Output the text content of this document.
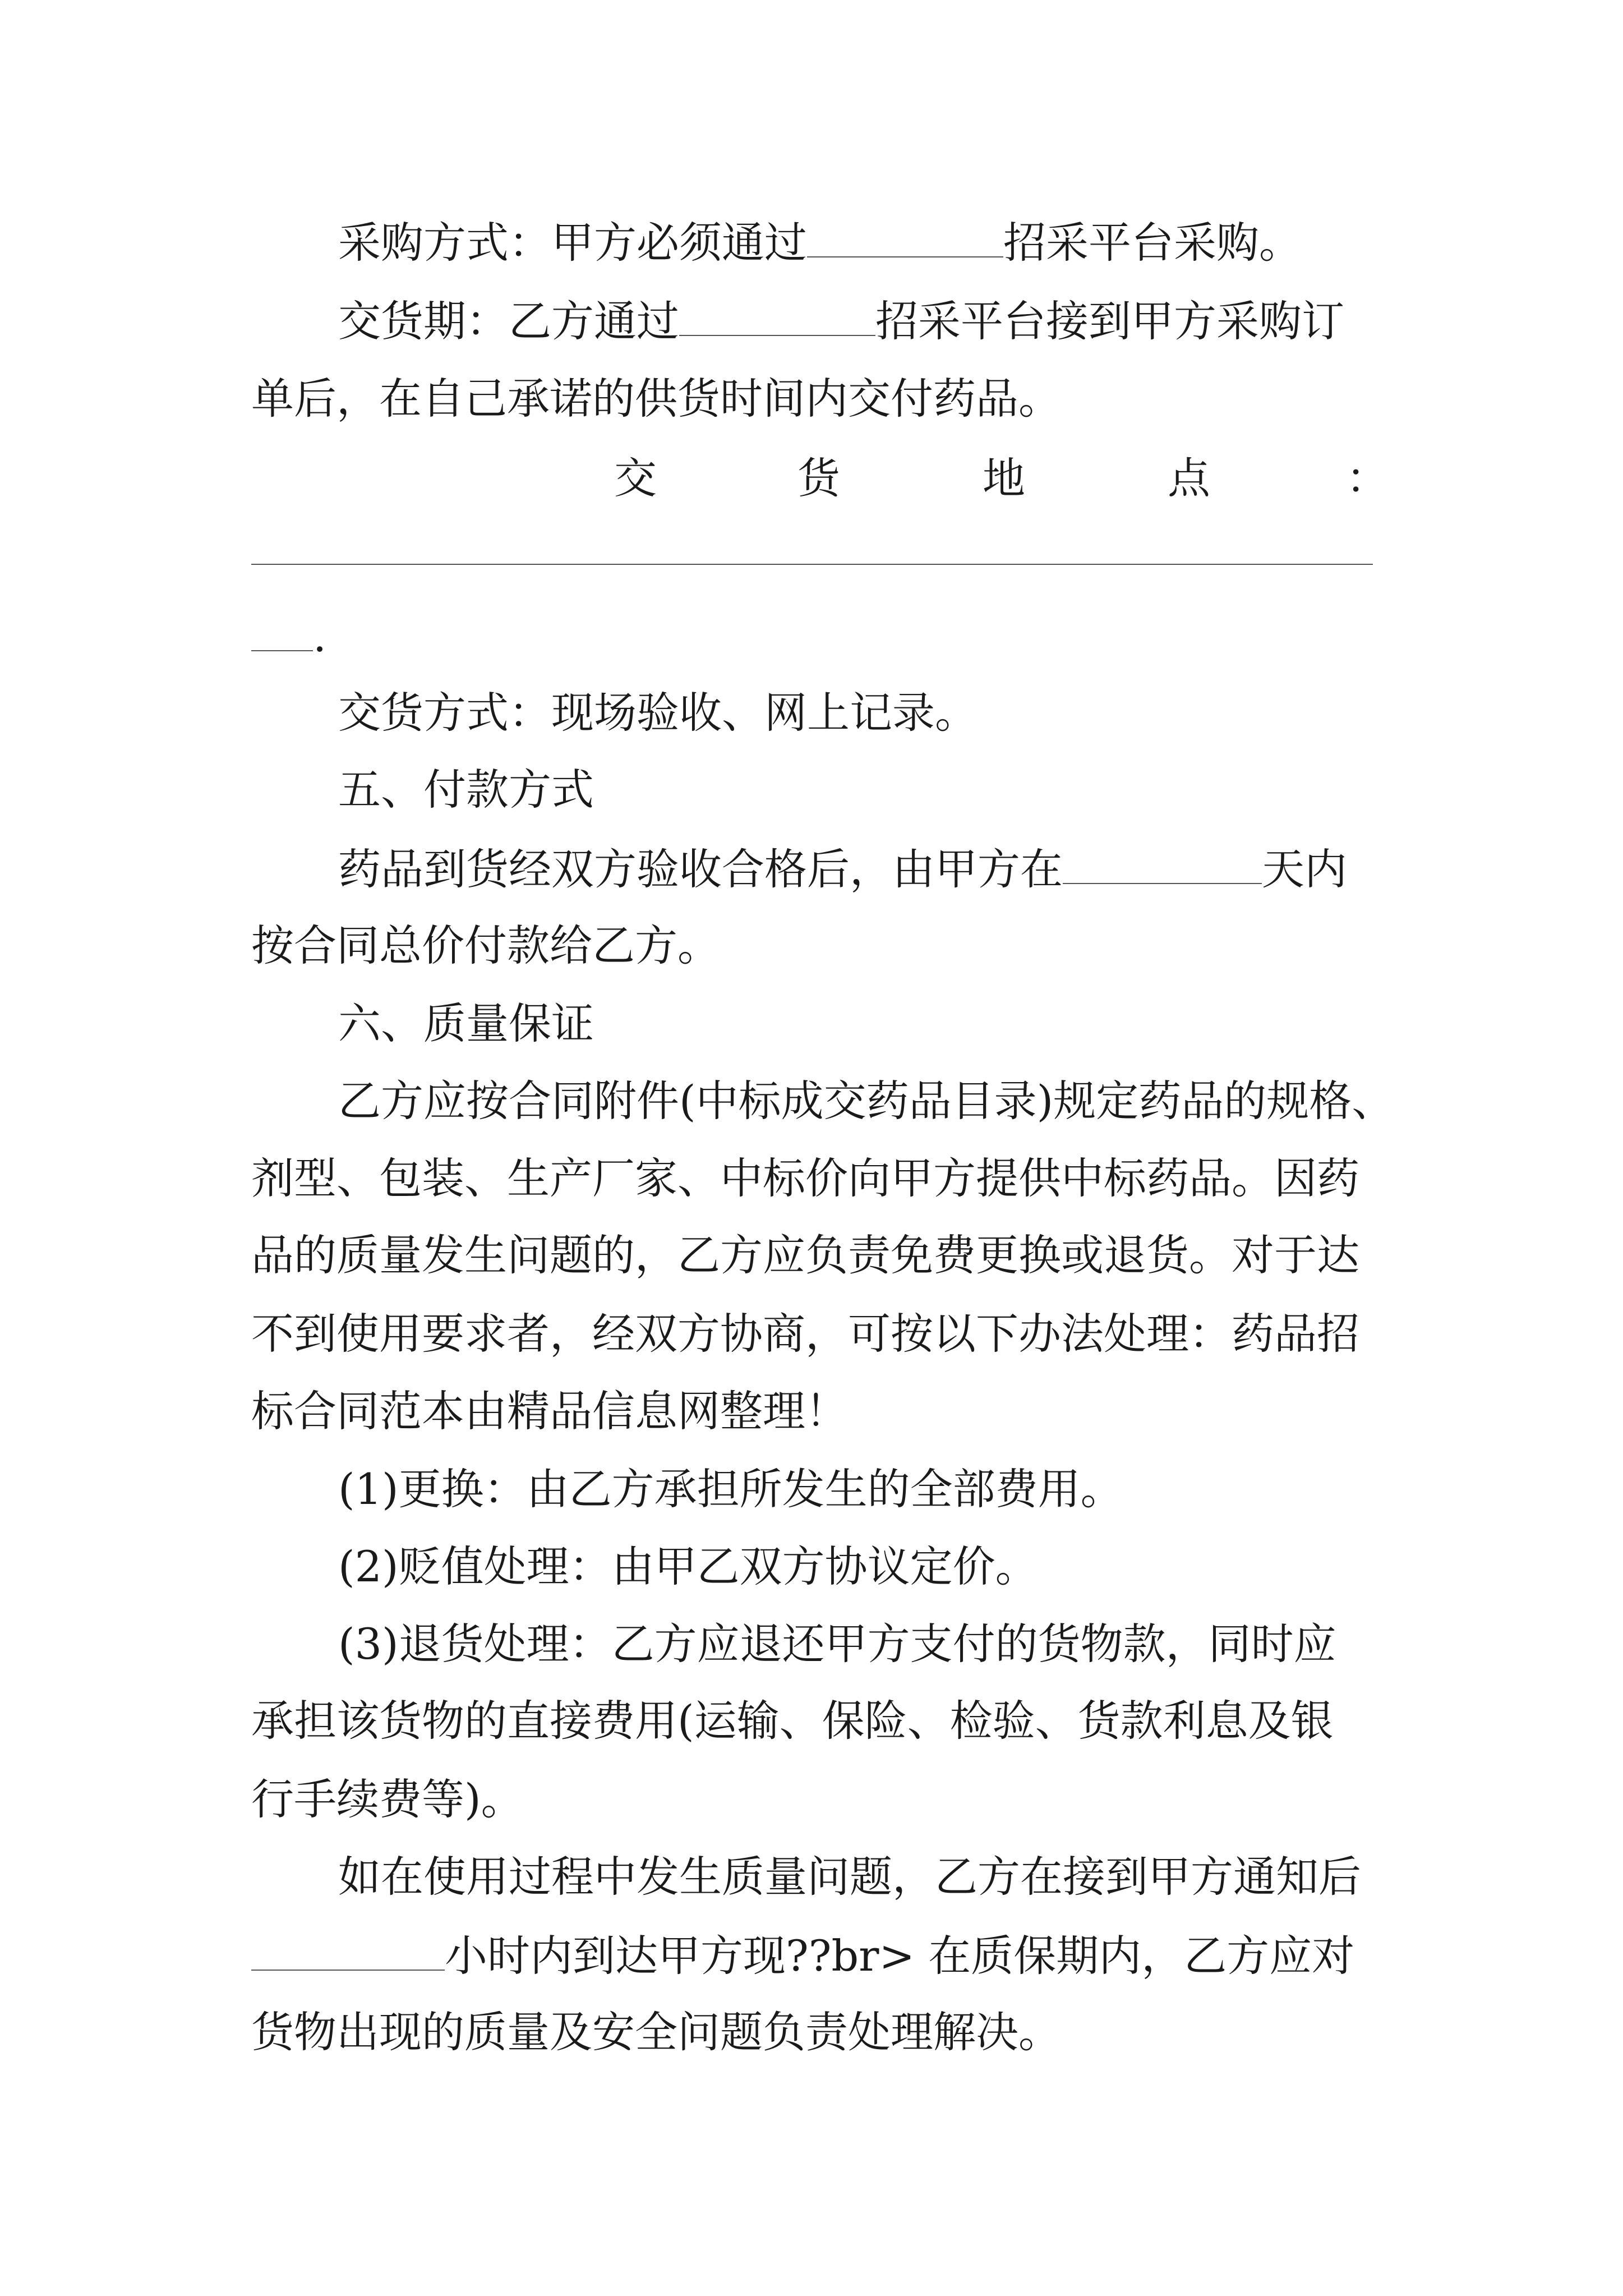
采购方式：甲方必须通过	招采平台采购。
交货期：乙方通过	招采平台接到甲方采购订
单后，在自己承诺的供货时间内交付药品。
交	货	地	点	：
.
交货方式：现场验收、网上记录。
五、付款方式
药品到货经双方验收合格后，由甲方在	天内
按合同总价付款给乙方。
六、质量保证
乙方应按合同附件(中标成交药品目录)规定药品的规格、
剂型、包装、生产厂家、中标价向甲方提供中标药品。因药
品的质量发生问题的，乙方应负责免费更换或退货。对于达
不到使用要求者，经双方协商，可按以下办法处理：药品招
标合同范本由精品信息网整理！
(1)更换：由乙方承担所发生的全部费用。
(2)贬值处理：由甲乙双方协议定价。
(3)退货处理：乙方应退还甲方支付的货物款，同时应
承担该货物的直接费用(运输、保险、检验、货款利息及银
行手续费等)。
如在使用过程中发生质量问题，乙方在接到甲方通知后
小时内到达甲方现??br> 在质保期内，乙方应对
货物出现的质量及安全问题负责处理解决。
